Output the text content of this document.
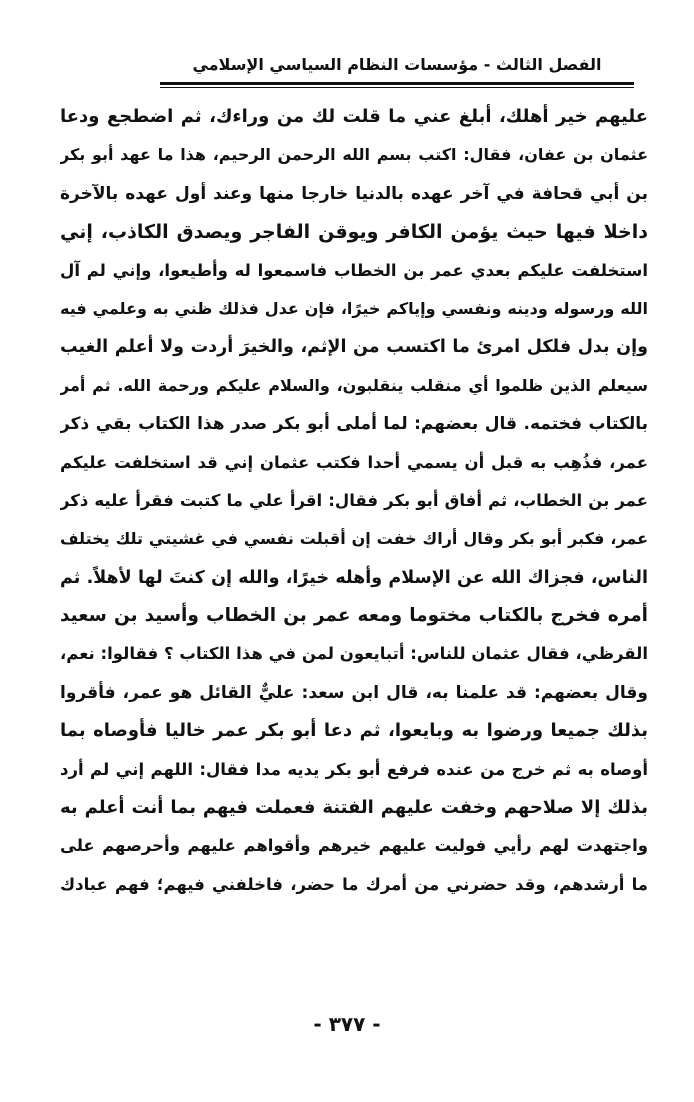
الفصل الثالث - مؤسسات النظام السياسي الإسلامي
عليهم خير أهلك، أبلغ عني ما قلت لك من وراءك، ثم اضطجع ودعا
عثمان بن عفان، فقال: اكتب بسم الله الرحمن الرحيم، هذا ما عهد أبو بكر
بن أبي قحافة في آخر عهده بالدنيا خارجا منها وعند أول عهده بالآخرة
داخلا فيها حيث يؤمن الكافر ويوقن الفاجر ويصدق الكاذب، إني
استخلفت عليكم بعدي عمر بن الخطاب فاسمعوا له وأطيعوا، وإني لم آل
الله ورسوله ودينه ونفسي وإياكم خيرًا، فإن عدل فذلك ظني به وعلمي فيه
وإن بدل فلكل امرئ ما اكتسب من الإثم، والخيرَ أردت ولا أعلم الغيب
سيعلم الذين ظلموا أي منقلب ينقلبون، والسلام عليكم ورحمة الله. ثم أمر
بالكتاب فختمه. قال بعضهم: لما أملى أبو بكر صدر هذا الكتاب بقي ذكر
عمر، فذُهِب به قبل أن يسمي أحدا فكتب عثمان إني قد استخلفت عليكم
عمر بن الخطاب، ثم أفاق أبو بكر فقال: اقرأ علي ما كتبت فقرأ عليه ذكر
عمر، فكبر أبو بكر وقال أراك خفت إن أقبلت نفسي في غشيتي تلك يختلف
الناس، فجزاك الله عن الإسلام وأهله خيرًا، والله إن كنتَ لها لأهلاً. ثم
أمره فخرج بالكتاب مختوما ومعه عمر بن الخطاب وأسيد بن سعيد
القرظي، فقال عثمان للناس: أتبايعون لمن في هذا الكتاب ؟ فقالوا: نعم،
وقال بعضهم: قد علمنا به، قال ابن سعد: عليٌّ القائل هو عمر، فأقروا
بذلك جميعا ورضوا به وبايعوا، ثم دعا أبو بكر عمر خاليا فأوصاه بما
أوصاه به ثم خرج من عنده فرفع أبو بكر يديه مدا فقال: اللهم إني لم أرد
بذلك إلا صلاحهم وخفت عليهم الفتنة فعملت فيهم بما أنت أعلم به
واجتهدت لهم رأيي فوليت عليهم خيرهم وأقواهم عليهم وأحرصهم على
ما أرشدهم، وقد حضرني من أمرك ما حضر، فاخلفني فيهم؛ فهم عبادك
- ٣٧٧ -
